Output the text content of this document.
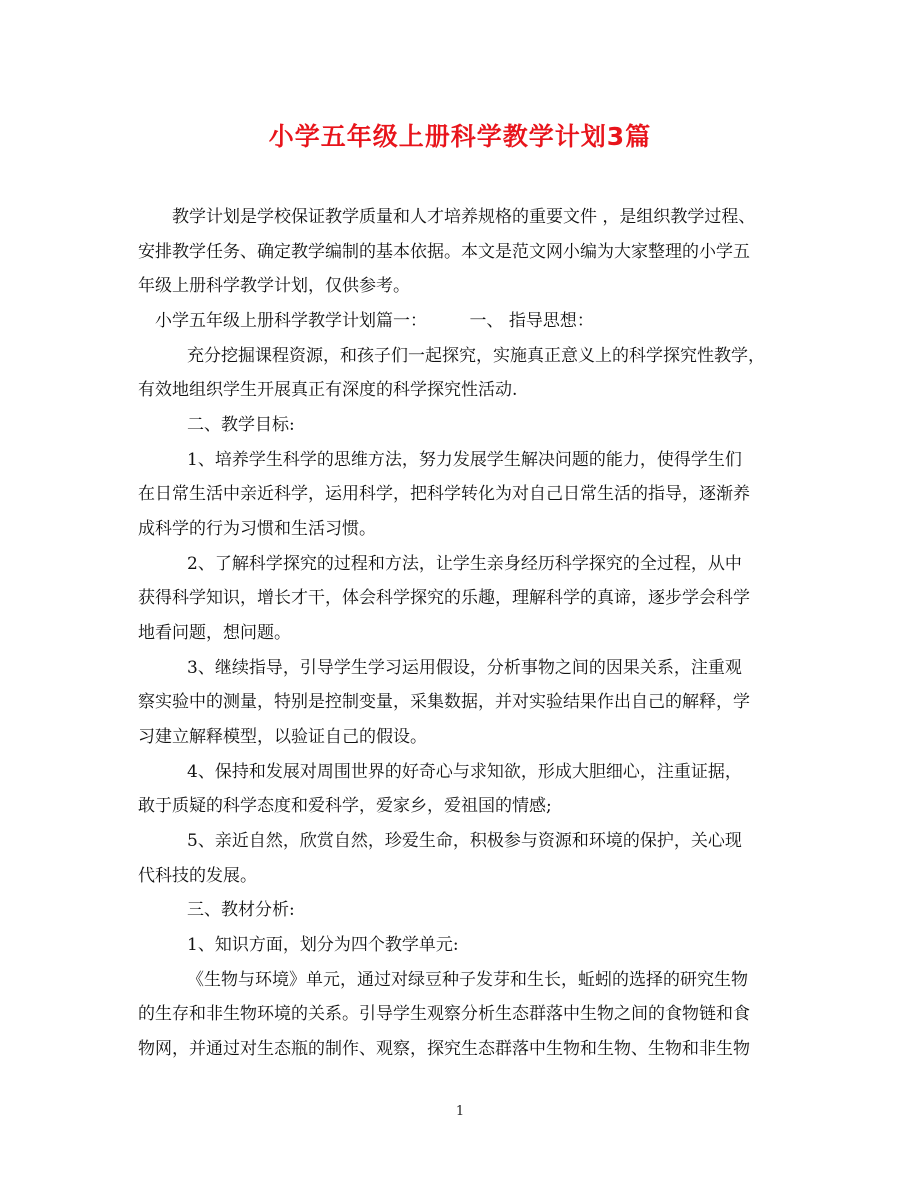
小学五年级上册科学教学计划3篇
教学计划是学校保证教学质量和人才培养规格的重要文件 ，是组织教学过程、
安排教学任务、确定教学编制的基本依据。本文是范文网小编为大家整理的小学五
年级上册科学教学计划，仅供参考。
小学五年级上册科学教学计划篇一：　　　一、 指导思想：
充分挖掘课程资源，和孩子们一起探究，实施真正意义上的科学探究性教学，
有效地组织学生开展真正有深度的科学探究性活动.
二、教学目标:
1、培养学生科学的思维方法，努力发展学生解决问题的能力，使得学生们
在日常生活中亲近科学，运用科学，把科学转化为对自己日常生活的指导，逐渐养
成科学的行为习惯和生活习惯。
2、了解科学探究的过程和方法，让学生亲身经历科学探究的全过程，从中
获得科学知识，增长才干，体会科学探究的乐趣，理解科学的真谛，逐步学会科学
地看问题，想问题。
3、继续指导，引导学生学习运用假设，分析事物之间的因果关系，注重观
察实验中的测量，特别是控制变量，采集数据，并对实验结果作出自己的解释，学
习建立解释模型，以验证自己的假设。
4、保持和发展对周围世界的好奇心与求知欲，形成大胆细心，注重证据，
敢于质疑的科学态度和爱科学，爱家乡，爱祖国的情感;
5、亲近自然，欣赏自然，珍爱生命，积极参与资源和环境的保护，关心现
代科技的发展。
三、教材分析:
1、知识方面，划分为四个教学单元:
《生物与环境》单元，通过对绿豆种子发芽和生长，蚯蚓的选择的研究生物
的生存和非生物环境的关系。引导学生观察分析生态群落中生物之间的食物链和食
物网，并通过对生态瓶的制作、观察，探究生态群落中生物和生物、生物和非生物
1
